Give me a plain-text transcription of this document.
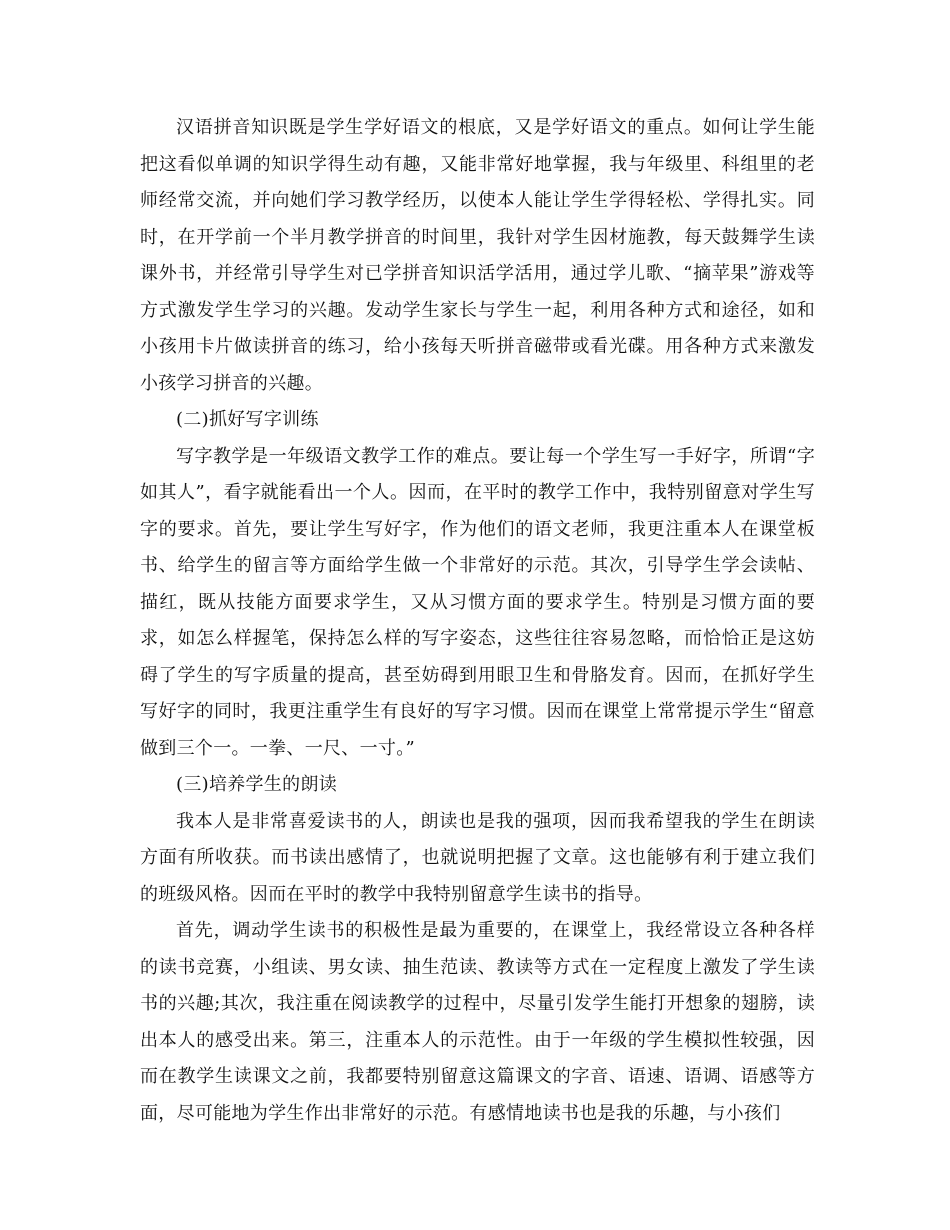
汉语拼音知识既是学生学好语文的根底，又是学好语文的重点。如何让学生能把这看似单调的知识学得生动有趣，又能非常好地掌握，我与年级里、科组里的老师经常交流，并向她们学习教学经历，以使本人能让学生学得轻松、学得扎实。同时，在开学前一个半月教学拼音的时间里，我针对学生因材施教，每天鼓舞学生读课外书，并经常引导学生对已学拼音知识活学活用，通过学儿歌、“摘苹果”游戏等方式激发学生学习的兴趣。发动学生家长与学生一起，利用各种方式和途径，如和小孩用卡片做读拼音的练习，给小孩每天听拼音磁带或看光碟。用各种方式来激发小孩学习拼音的兴趣。

(二)抓好写字训练

写字教学是一年级语文教学工作的难点。要让每一个学生写一手好字，所谓“字如其人”，看字就能看出一个人。因而，在平时的教学工作中，我特别留意对学生写字的要求。首先，要让学生写好字，作为他们的语文老师，我更注重本人在课堂板书、给学生的留言等方面给学生做一个非常好的示范。其次，引导学生学会读帖、描红，既从技能方面要求学生，又从习惯方面的要求学生。特别是习惯方面的要求，如怎么样握笔，保持怎么样的写字姿态，这些往往容易忽略，而恰恰正是这妨碍了学生的写字质量的提高，甚至妨碍到用眼卫生和骨胳发育。因而，在抓好学生写好字的同时，我更注重学生有良好的写字习惯。因而在课堂上常常提示学生“留意做到三个一。一拳、一尺、一寸。”

(三)培养学生的朗读

我本人是非常喜爱读书的人，朗读也是我的强项，因而我希望我的学生在朗读方面有所收获。而书读出感情了，也就说明把握了文章。这也能够有利于建立我们的班级风格。因而在平时的教学中我特别留意学生读书的指导。

首先，调动学生读书的积极性是最为重要的，在课堂上，我经常设立各种各样的读书竞赛，小组读、男女读、抽生范读、教读等方式在一定程度上激发了学生读书的兴趣;其次，我注重在阅读教学的过程中，尽量引发学生能打开想象的翅膀，读出本人的感受出来。第三，注重本人的示范性。由于一年级的学生模拟性较强，因而在教学生读课文之前，我都要特别留意这篇课文的字音、语速、语调、语感等方面，尽可能地为学生作出非常好的示范。有感情地读书也是我的乐趣，与小孩们
